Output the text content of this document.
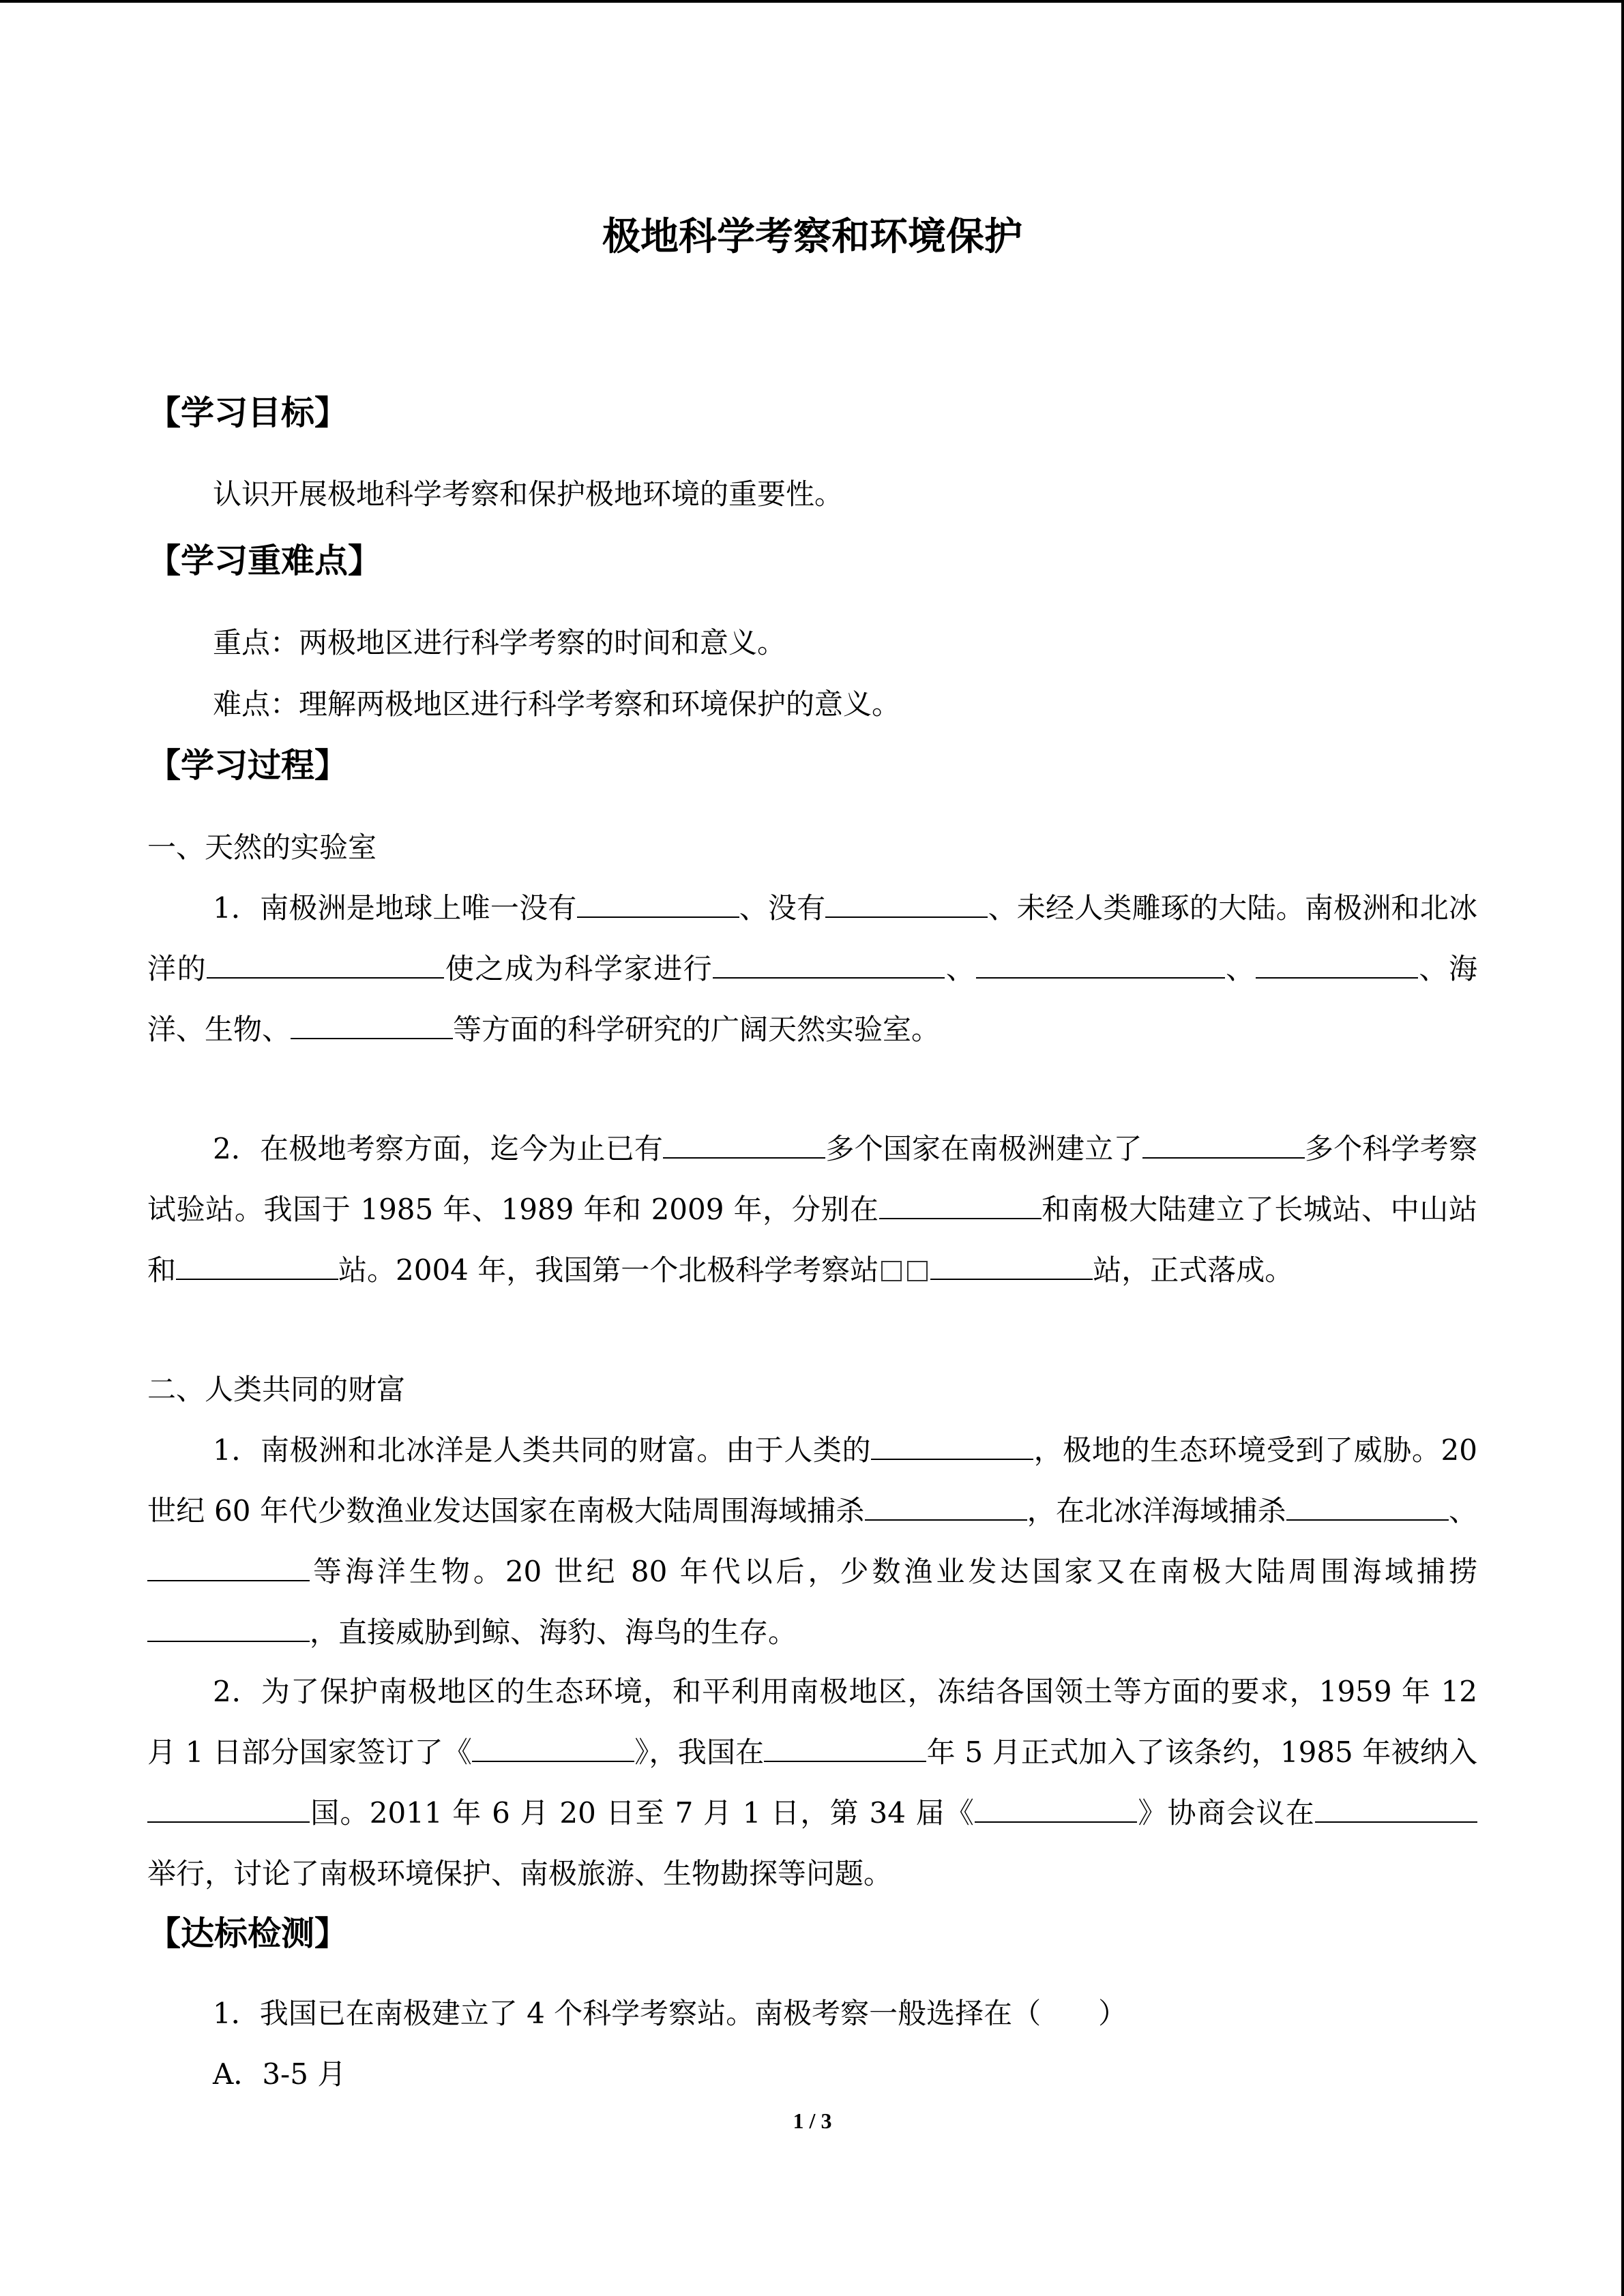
极地科学考察和环境保护
【学习目标】
认识开展极地科学考察和保护极地环境的重要性。
【学习重难点】
重点：两极地区进行科学考察的时间和意义。
难点：理解两极地区进行科学考察和环境保护的意义。
【学习过程】
一、天然的实验室
1．南极洲是地球上唯一没有	、没有	、未经人类雕琢的大陆。南极洲和北冰洋的	使之成为科学家进行	、	、	、海洋、生物、	等方面的科学研究的广阔天然实验室。
2．在极地考察方面，迄今为止已有	多个国家在南极洲建立了	多个科学考察试验站。我国于 1985 年、1989 年和 2009 年，分别在	和南极大陆建立了长城站、中山站和	站。2004 年，我国第一个北极科学考察站	站，正式落成。
二、人类共同的财富
1．南极洲和北冰洋是人类共同的财富。由于人类的	，极地的生态环境受到了威胁。20 世纪 60 年代少数渔业发达国家在南极大陆周围海域捕杀	，在北冰洋海域捕杀	、等海洋生物。20 世纪 80 年代以后，少数渔业发达国家又在南极大陆周围海域捕捞，直接威胁到鲸、海豹、海鸟的生存。
2．为了保护南极地区的生态环境，和平利用南极地区，冻结各国领土等方面的要求，1959 年 12 月 1 日部分国家签订了《	》，我国在	年 5 月正式加入了该条约，1985 年被纳入国。2011 年 6 月 20 日至 7 月 1 日，第 34 届《	》协商会议在举行，讨论了南极环境保护、南极旅游、生物勘探等问题。
【达标检测】
1．我国已在南极建立了 4 个科学考察站。南极考察一般选择在（　　）
A．3-5 月
1 / 3
